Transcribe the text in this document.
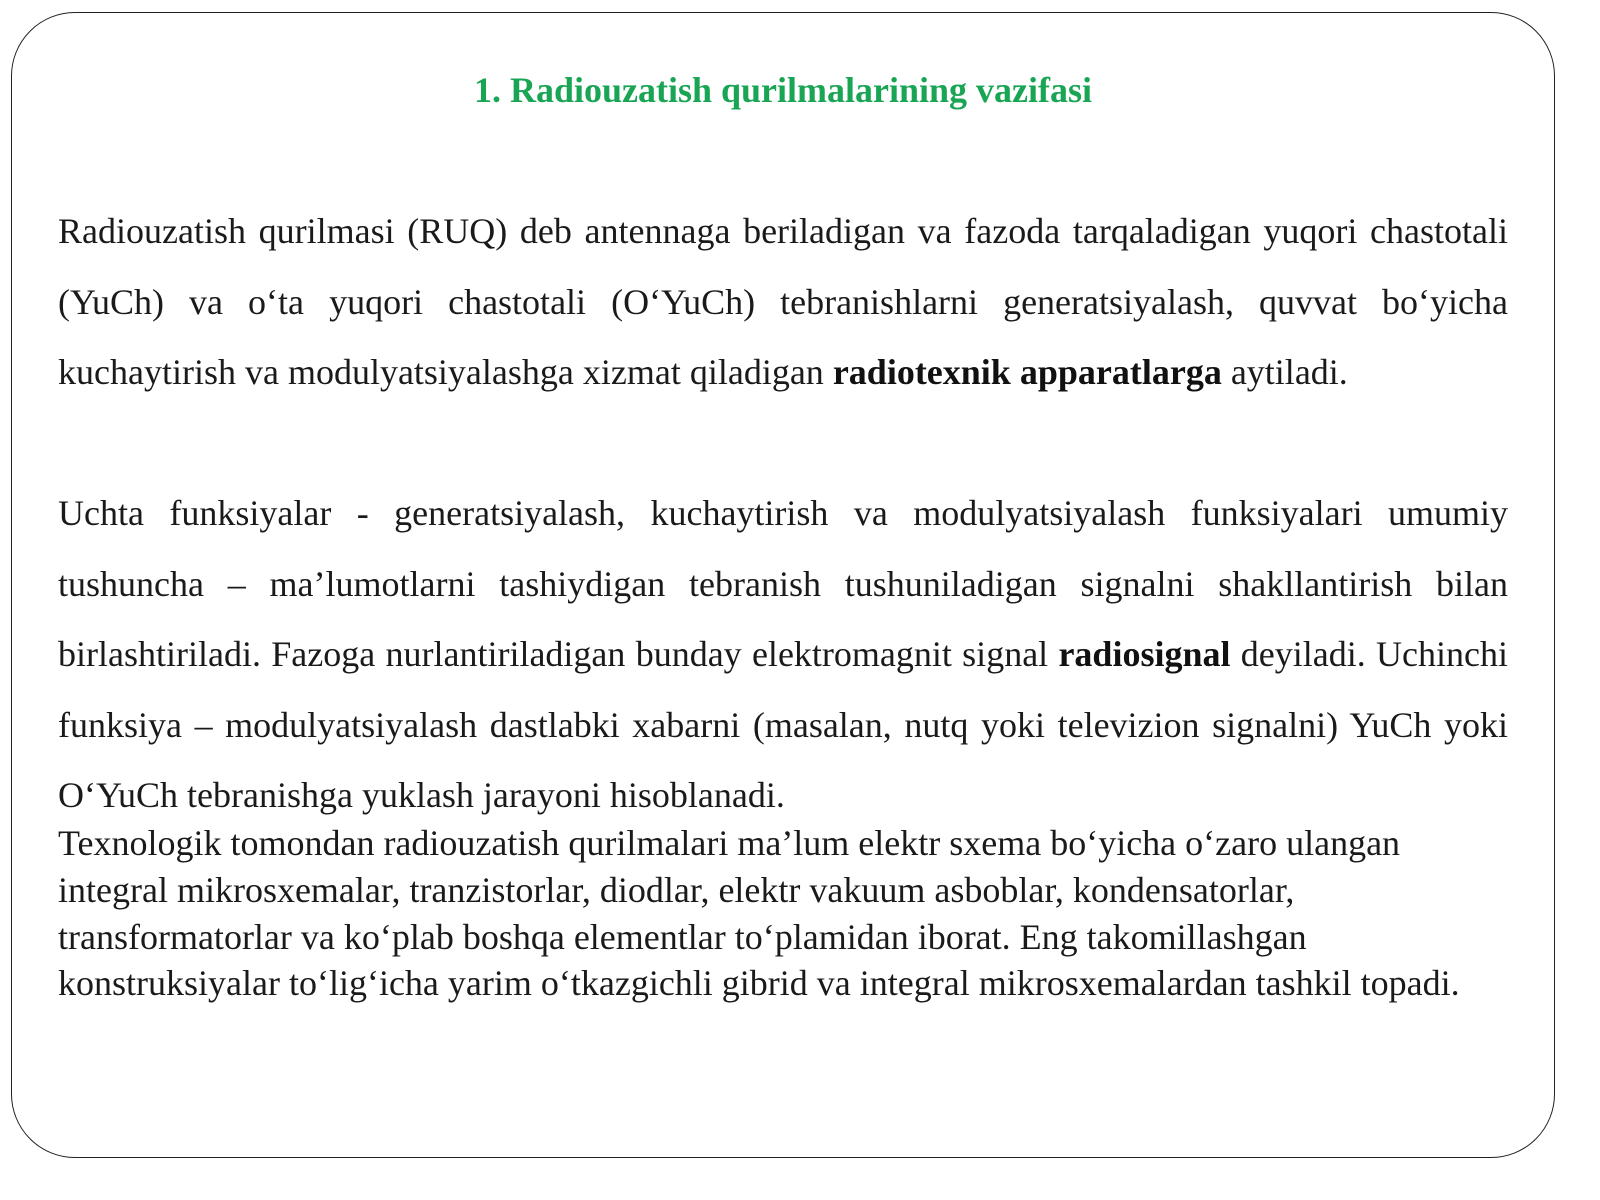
1. Radiouzatish qurilmalarining vazifasi

Radiouzatish qurilmasi (RUQ) deb antennaga beriladigan va fazoda tarqaladigan yuqori chastotali (YuCh) va o‘ta yuqori chastotali (O‘YuCh) tebranishlarni generatsiyalash, quvvat bo‘yicha kuchaytirish va modulyatsiyalashga xizmat qiladigan radiotexnik apparatlarga aytiladi.

Uchta funksiyalar - generatsiyalash, kuchaytirish va modulyatsiyalash funksiyalari umumiy tushuncha – ma’lumotlarni tashiydigan tebranish tushuniladigan signalni shakllantirish bilan birlashtiriladi. Fazoga nurlantiriladigan bunday elektromagnit signal radiosignal deyiladi. Uchinchi funksiya – modulyatsiyalash dastlabki xabarni (masalan, nutq yoki televizion signalni) YuCh yoki O‘YuCh tebranishga yuklash jarayoni hisoblanadi.

Texnologik tomondan radiouzatish qurilmalari ma’lum elektr sxema bo‘yicha o‘zaro ulangan integral mikrosxemalar, tranzistorlar, diodlar, elektr vakuum asboblar, kondensatorlar, transformatorlar va ko‘plab boshqa elementlar to‘plamidan iborat. Eng takomillashgan konstruksiyalar to‘lig‘icha yarim o‘tkazgichli gibrid va integral mikrosxemalardan tashkil topadi.
